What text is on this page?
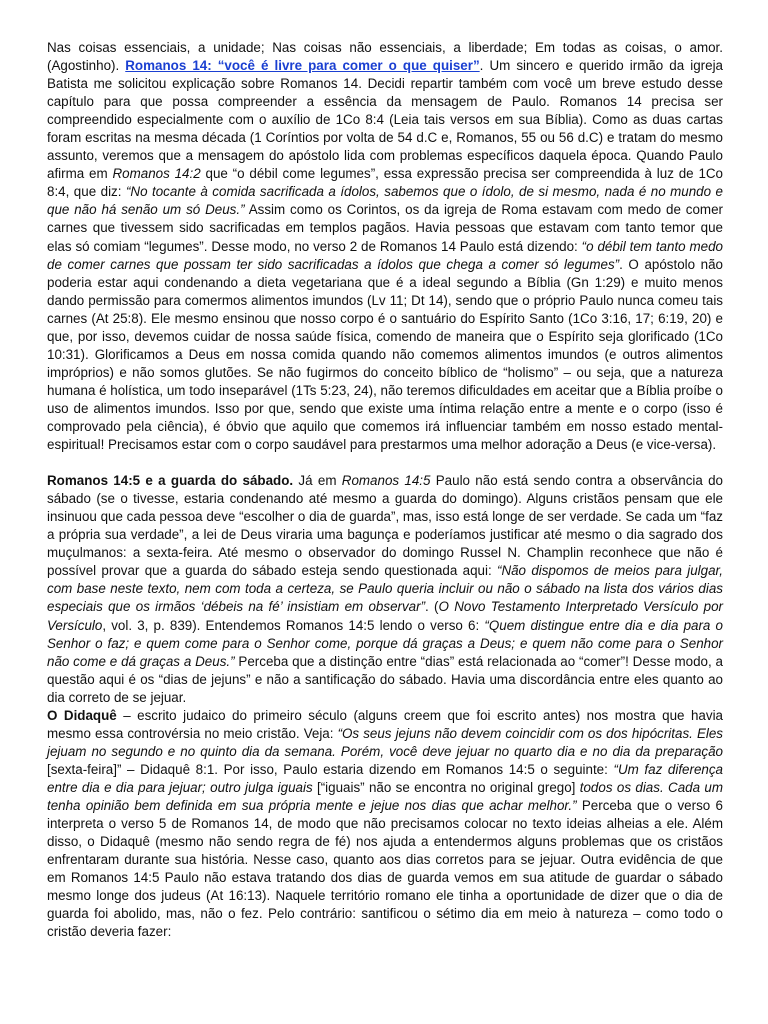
Nas coisas essenciais, a unidade; Nas coisas não essenciais, a liberdade; Em todas as coisas, o amor. (Agostinho). Romanos 14: “você é livre para comer o que quiser”. Um sincero e querido irmão da igreja Batista me solicitou explicação sobre Romanos 14. Decidi repartir também com você um breve estudo desse capítulo para que possa compreender a essência da mensagem de Paulo. Romanos 14 precisa ser compreendido especialmente com o auxílio de 1Co 8:4 (Leia tais versos em sua Bíblia). Como as duas cartas foram escritas na mesma década (1 Coríntios por volta de 54 d.C e, Romanos, 55 ou 56 d.C) e tratam do mesmo assunto, veremos que a mensagem do apóstolo lida com problemas específicos daquela época. Quando Paulo afirma em Romanos 14:2 que “o débil come legumes”, essa expressão precisa ser compreendida à luz de 1Co 8:4, que diz: “No tocante à comida sacrificada a ídolos, sabemos que o ídolo, de si mesmo, nada é no mundo e que não há senão um só Deus.” Assim como os Corintos, os da igreja de Roma estavam com medo de comer carnes que tivessem sido sacrificadas em templos pagãos. Havia pessoas que estavam com tanto temor que elas só comiam “legumes”. Desse modo, no verso 2 de Romanos 14 Paulo está dizendo: “o débil tem tanto medo de comer carnes que possam ter sido sacrificadas a ídolos que chega a comer só legumes”. O apóstolo não poderia estar aqui condenando a dieta vegetariana que é a ideal segundo a Bíblia (Gn 1:29) e muito menos dando permissão para comermos alimentos imundos (Lv 11; Dt 14), sendo que o próprio Paulo nunca comeu tais carnes (At 25:8). Ele mesmo ensinou que nosso corpo é o santuário do Espírito Santo (1Co 3:16, 17; 6:19, 20) e que, por isso, devemos cuidar de nossa saúde física, comendo de maneira que o Espírito seja glorificado (1Co 10:31). Glorificamos a Deus em nossa comida quando não comemos alimentos imundos (e outros alimentos impróprios) e não somos glutões. Se não fugirmos do conceito bíblico de “holismo” – ou seja, que a natureza humana é holística, um todo inseparável (1Ts 5:23, 24), não teremos dificuldades em aceitar que a Bíblia proíbe o uso de alimentos imundos. Isso por que, sendo que existe uma íntima relação entre a mente e o corpo (isso é comprovado pela ciência), é óbvio que aquilo que comemos irá influenciar também em nosso estado mental-espiritual! Precisamos estar com o corpo saudável para prestarmos uma melhor adoração a Deus (e vice-versa).

Romanos 14:5 e a guarda do sábado. Já em Romanos 14:5 Paulo não está sendo contra a observância do sábado (se o tivesse, estaria condenando até mesmo a guarda do domingo). Alguns cristãos pensam que ele insinuou que cada pessoa deve “escolher o dia de guarda”, mas, isso está longe de ser verdade. Se cada um “faz a própria sua verdade”, a lei de Deus viraria uma bagunça e poderíamos justificar até mesmo o dia sagrado dos muçulmanos: a sexta-feira. Até mesmo o observador do domingo Russel N. Champlin reconhece que não é possível provar que a guarda do sábado esteja sendo questionada aqui: “Não dispomos de meios para julgar, com base neste texto, nem com toda a certeza, se Paulo queria incluir ou não o sábado na lista dos vários dias especiais que os irmãos ‘débeis na fé’ insistiam em observar”. (O Novo Testamento Interpretado Versículo por Versículo, vol. 3, p. 839). Entendemos Romanos 14:5 lendo o verso 6: “Quem distingue entre dia e dia para o Senhor o faz; e quem come para o Senhor come, porque dá graças a Deus; e quem não come para o Senhor não come e dá graças a Deus.” Perceba que a distinção entre “dias” está relacionada ao “comer”! Desse modo, a questão aqui é os “dias de jejuns” e não a santificação do sábado. Havia uma discordância entre eles quanto ao dia correto de se jejuar.

O Didaquê – escrito judaico do primeiro século (alguns creem que foi escrito antes) nos mostra que havia mesmo essa controvérsia no meio cristão. Veja: “Os seus jejuns não devem coincidir com os dos hipócritas. Eles jejuam no segundo e no quinto dia da semana. Porém, você deve jejuar no quarto dia e no dia da preparação [sexta-feira]” – Didaquê 8:1. Por isso, Paulo estaria dizendo em Romanos 14:5 o seguinte: “Um faz diferença entre dia e dia para jejuar; outro julga iguais [“iguais” não se encontra no original grego] todos os dias. Cada um tenha opinião bem definida em sua própria mente e jejue nos dias que achar melhor.” Perceba que o verso 6 interpreta o verso 5 de Romanos 14, de modo que não precisamos colocar no texto ideias alheias a ele. Além disso, o Didaquê (mesmo não sendo regra de fé) nos ajuda a entendermos alguns problemas que os cristãos enfrentaram durante sua história. Nesse caso, quanto aos dias corretos para se jejuar. Outra evidência de que em Romanos 14:5 Paulo não estava tratando dos dias de guarda vemos em sua atitude de guardar o sábado mesmo longe dos judeus (At 16:13). Naquele território romano ele tinha a oportunidade de dizer que o dia de guarda foi abolido, mas, não o fez. Pelo contrário: santificou o sétimo dia em meio à natureza – como todo o cristão deveria fazer:
